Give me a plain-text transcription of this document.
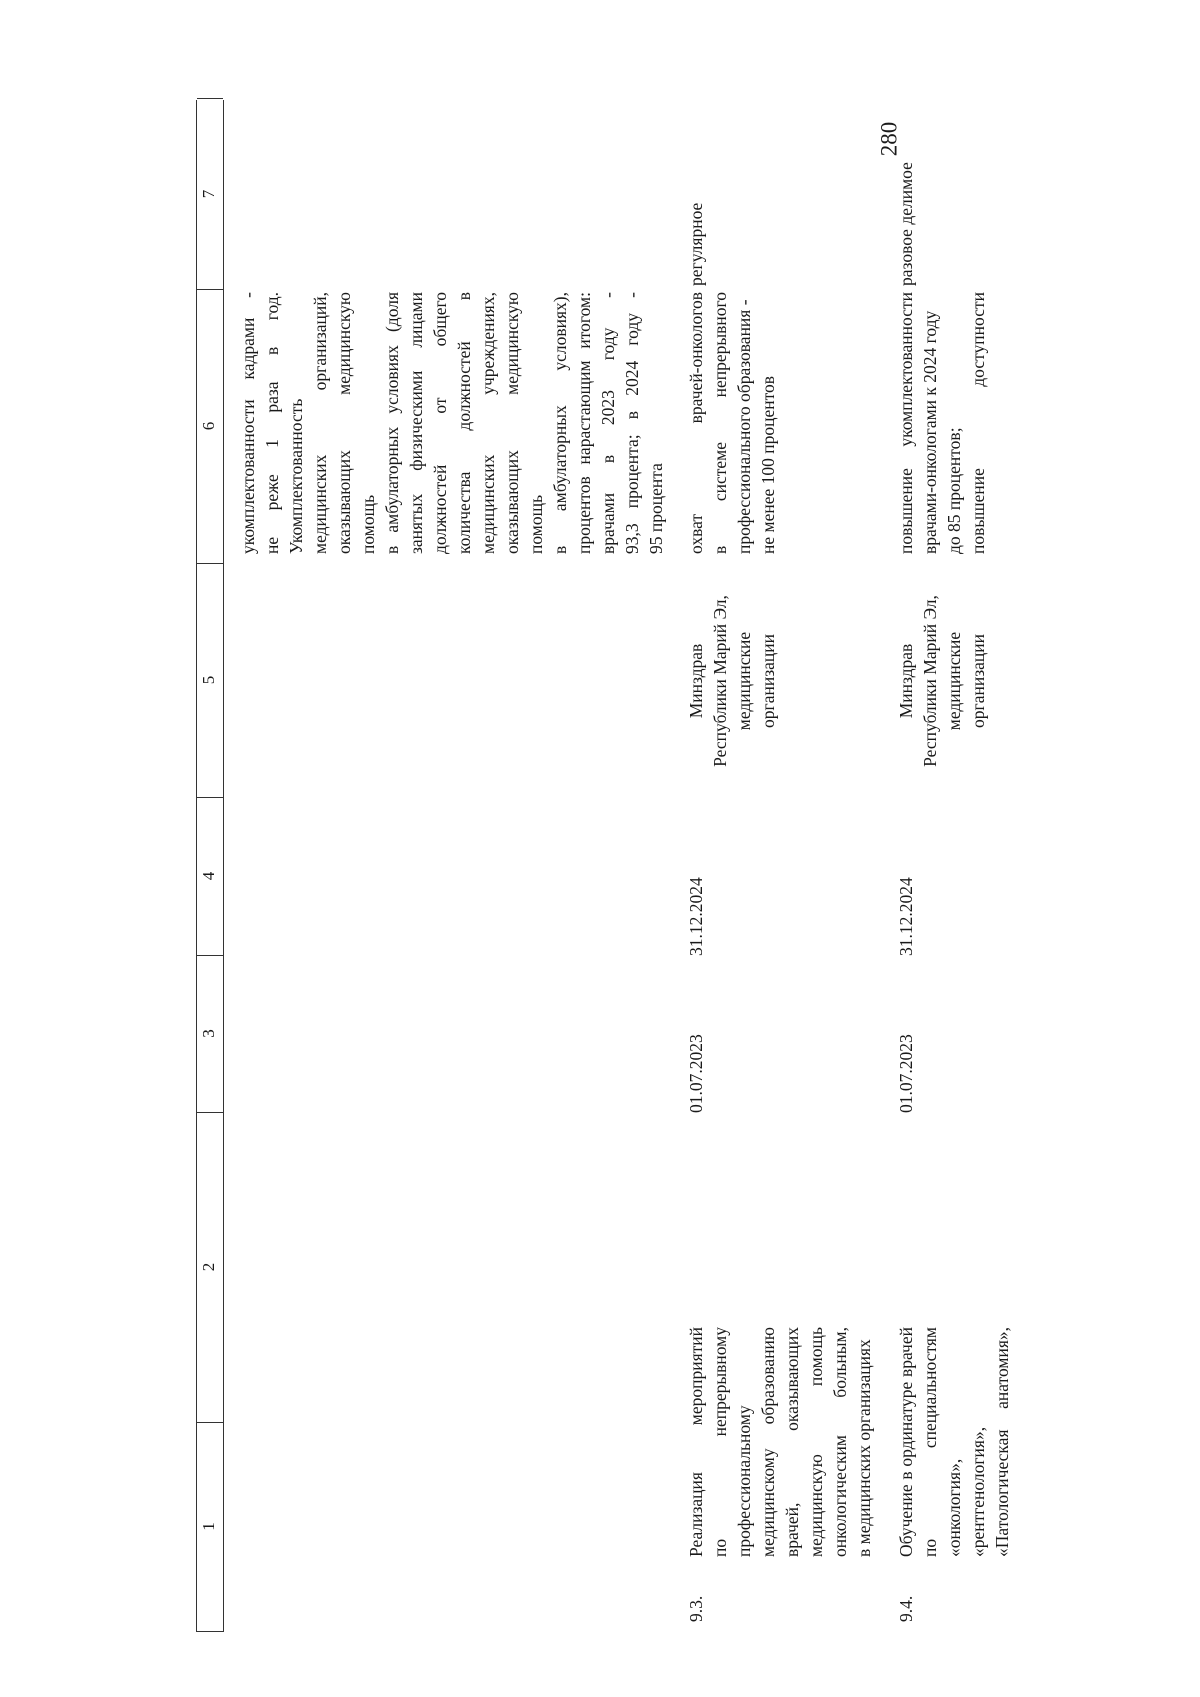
280
1
2
3
4
5
6
7
укомплектованности кадрами - не реже 1 раза в год. Укомплектованность медицинских организаций, оказывающих медицинскую помощь в амбулаторных условиях (доля занятых физическими лицами должностей от общего количества должностей в медицинских учреждениях, оказывающих медицинскую помощь в амбулаторных условиях), процентов нарастающим итогом: врачами в 2023 году - 93,3 процента; в 2024 году - 95 процента
9.3.
Реализация мероприятий по непрерывному профессиональному медицинскому образованию врачей, оказывающих медицинскую помощь онкологическим больным, в медицинских организациях
01.07.2023
31.12.2024
Минздрав Республики Марий Эл, медицинские организации
охват врачей-онкологов в системе непрерывного профессионального образования - не менее 100 процентов
регулярное
9.4.
Обучение в ординатуре врачей по специальностям «онкология», «рентгенология», «Патологическая анатомия»,
01.07.2023
31.12.2024
Минздрав Республики Марий Эл, медицинские организации
повышение укомплектованности врачами-онкологами к 2024 году до 85 процентов; повышение доступности
разовое делимое
